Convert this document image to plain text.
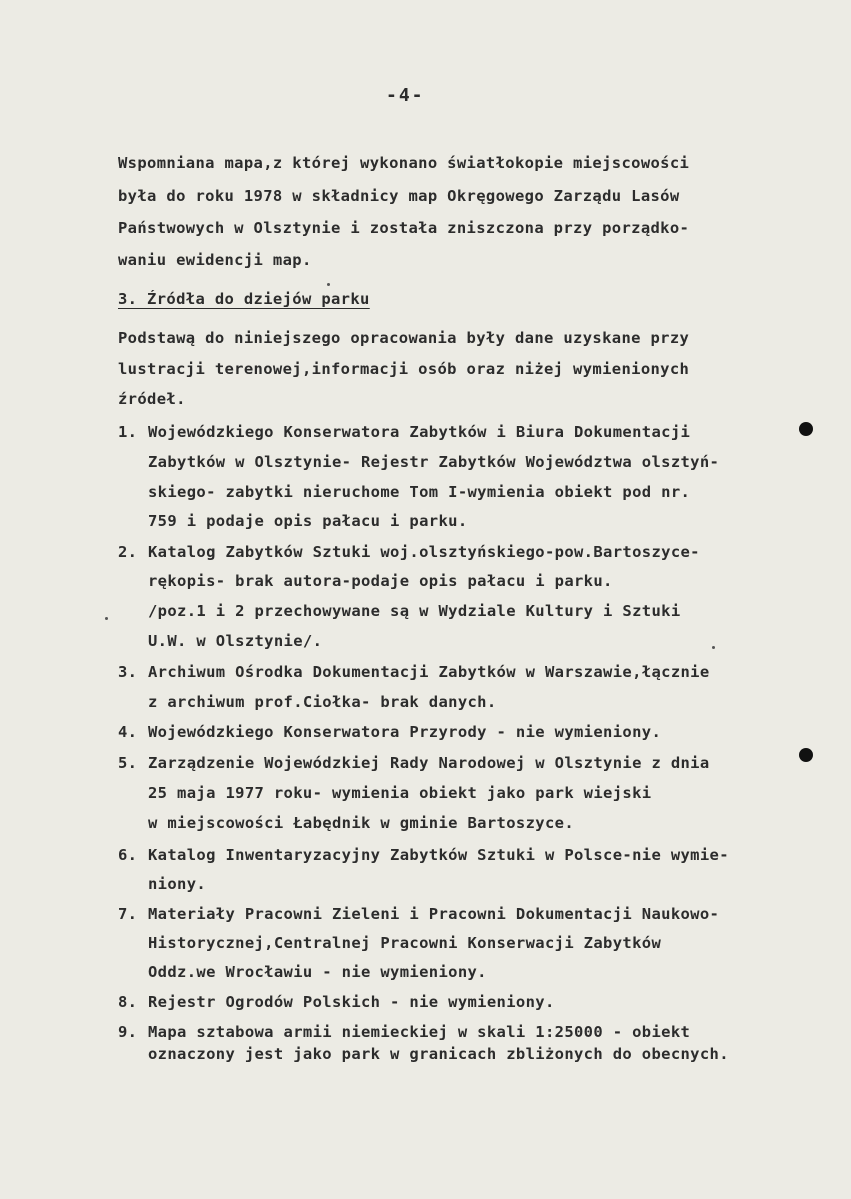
-4-
Wspomniana mapa,z której wykonano światłokopie miejscowości
była do roku 1978 w składnicy map Okręgowego Zarządu Lasów
Państwowych w Olsztynie i została zniszczona przy porządko-
waniu ewidencji map.
3. Źródła do dziejów parku
Podstawą do niniejszego opracowania były dane uzyskane przy
lustracji terenowej,informacji osób oraz niżej wymienionych
źródeł.
1. Wojewódzkiego Konserwatora Zabytków i Biura Dokumentacji
Zabytków w Olsztynie- Rejestr Zabytków Województwa olsztyń-
skiego- zabytki nieruchome Tom I-wymienia obiekt pod nr.
759 i podaje opis pałacu i parku.
2. Katalog Zabytków Sztuki woj.olsztyńskiego-pow.Bartoszyce-
rękopis- brak autora-podaje opis pałacu i parku.
/poz.1 i 2 przechowywane są w Wydziale Kultury i Sztuki
U.W. w Olsztynie/.
3. Archiwum Ośrodka Dokumentacji Zabytków w Warszawie,łącznie
z archiwum prof.Ciołka- brak danych.
4. Wojewódzkiego Konserwatora Przyrody - nie wymieniony.
5. Zarządzenie Wojewódzkiej Rady Narodowej w Olsztynie z dnia
25 maja 1977 roku- wymienia obiekt jako park wiejski
w miejscowości Łabędnik w gminie Bartoszyce.
6. Katalog Inwentaryzacyjny Zabytków Sztuki w Polsce-nie wymie-
niony.
7. Materiały Pracowni Zieleni i Pracowni Dokumentacji Naukowo-
Historycznej,Centralnej Pracowni Konserwacji Zabytków
Oddz.we Wrocławiu - nie wymieniony.
8. Rejestr Ogrodów Polskich - nie wymieniony.
9. Mapa sztabowa armii niemieckiej w skali 1:25000 - obiekt
oznaczony jest jako park w granicach zbliżonych do obecnych.
